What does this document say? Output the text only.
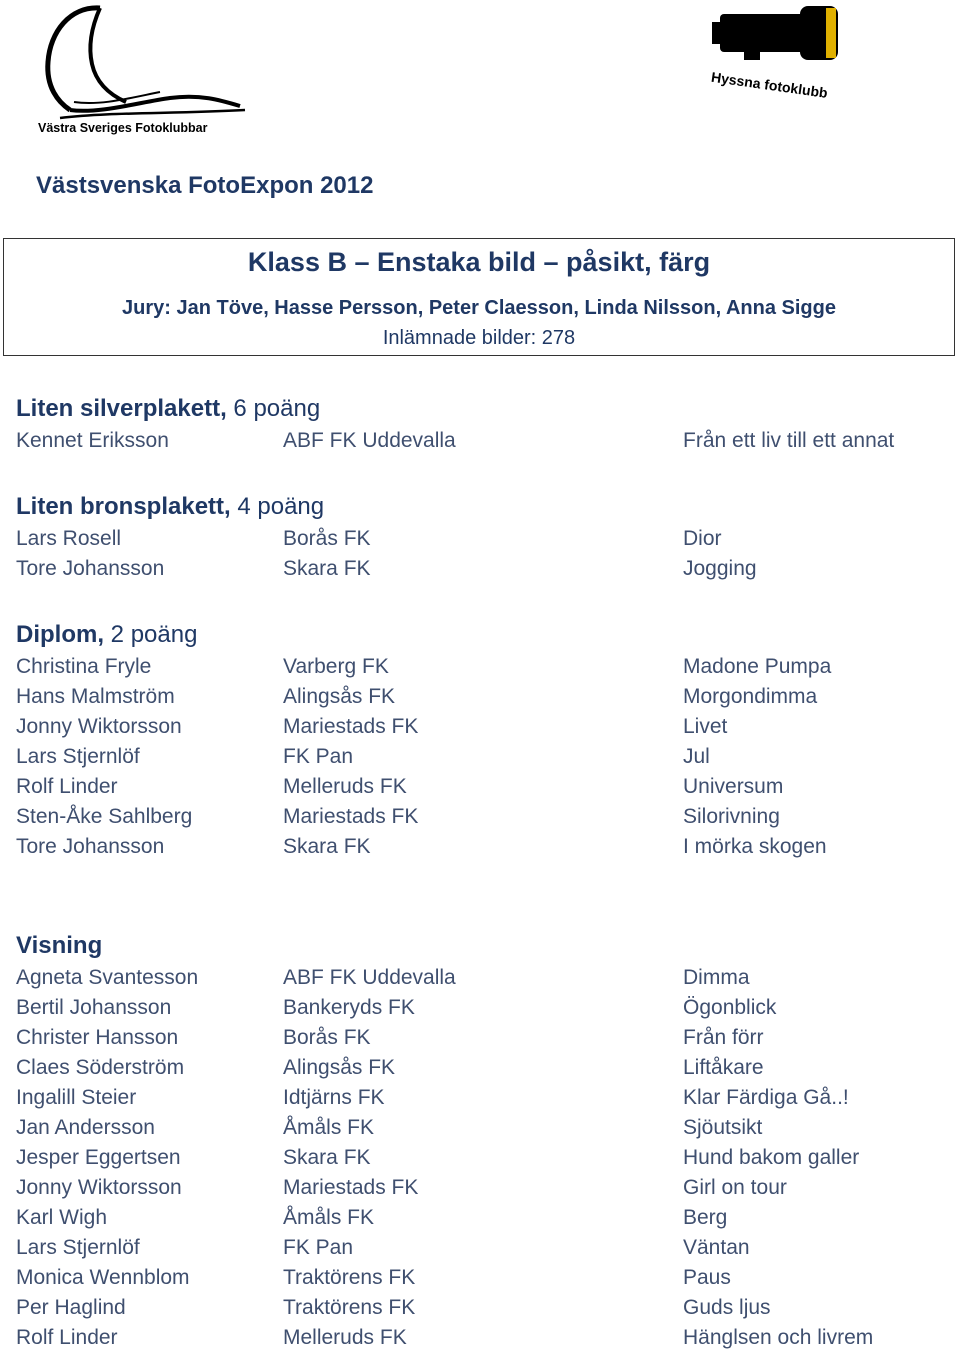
Västra Sveriges Fotoklubbar
Hyssna fotoklubb
Västsvenska FotoExpon 2012
Klass B – Enstaka bild – påsikt, färg
Jury: Jan Töve, Hasse Persson, Peter Claesson, Linda Nilsson, Anna Sigge
Inlämnade bilder: 278
Liten silverplakett, 6 poäng
Kennet Eriksson	ABF FK Uddevalla	Från ett liv till ett annat
Liten bronsplakett, 4 poäng
Lars Rosell	Borås FK	Dior
Tore Johansson	Skara FK	Jogging
Diplom, 2 poäng
Christina Fryle	Varberg FK	Madone Pumpa
Hans Malmström	Alingsås FK	Morgondimma
Jonny Wiktorsson	Mariestads FK	Livet
Lars Stjernlöf	FK Pan	Jul
Rolf Linder	Melleruds FK	Universum
Sten-Åke Sahlberg	Mariestads FK	Silorivning
Tore Johansson	Skara FK	I mörka skogen
Visning
Agneta Svantesson	ABF FK Uddevalla	Dimma
Bertil Johansson	Bankeryds FK	Ögonblick
Christer Hansson	Borås FK	Från förr
Claes Söderström	Alingsås FK	Liftåkare
Ingalill Steier	Idtjärns FK	Klar Färdiga Gå..!
Jan Andersson	Åmåls FK	Sjöutsikt
Jesper Eggertsen	Skara FK	Hund bakom galler
Jonny Wiktorsson	Mariestads FK	Girl on tour
Karl Wigh	Åmåls FK	Berg
Lars Stjernlöf	FK Pan	Väntan
Monica Wennblom	Traktörens FK	Paus
Per Haglind	Traktörens FK	Guds ljus
Rolf Linder	Melleruds FK	Hänglsen och livrem
